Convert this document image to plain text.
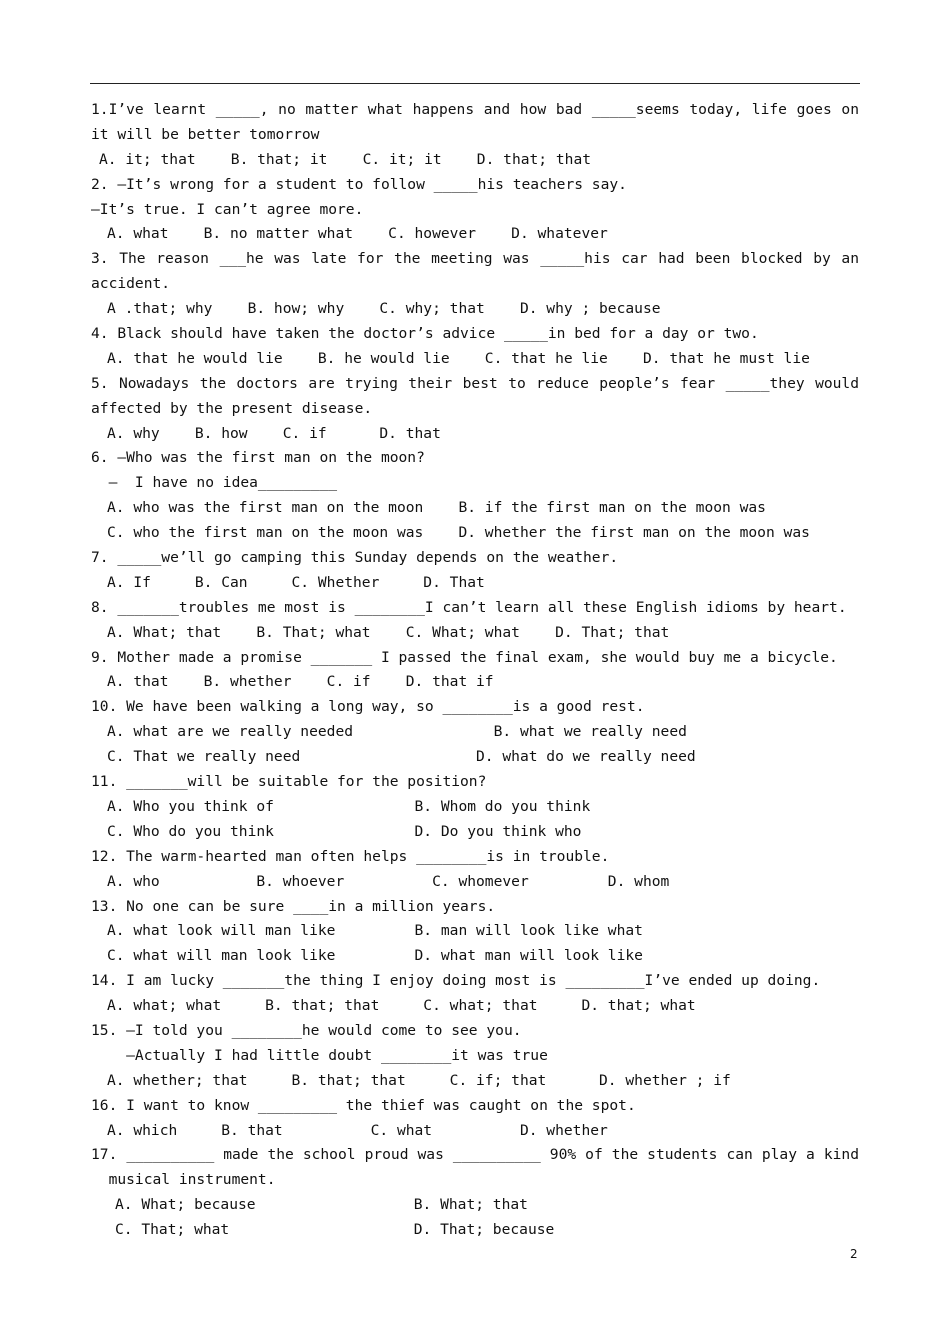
1.I’ve learnt _____, no matter what happens and how bad _____seems today, life goes on
it will be better tomorrow
A. it; that    B. that; it    C. it; it    D. that; that
2. —It’s wrong for a student to follow _____his teachers say.
—It’s true. I can’t agree more.
A. what    B. no matter what    C. however    D. whatever
3. The reason ___he was late for the meeting was _____his car had been blocked by an
accident.
A .that; why    B. how; why    C. why; that    D. why ; because
4. Black should have taken the doctor’s advice _____in bed for a day or two.
A. that he would lie    B. he would lie    C. that he lie    D. that he must lie
5. Nowadays the doctors are trying their best to reduce people’s fear _____they would
affected by the present disease.
A. why    B. how    C. if      D. that
6. —Who was the first man on the moon?
—  I have no idea_________
A. who was the first man on the moon    B. if the first man on the moon was
C. who the first man on the moon was    D. whether the first man on the moon was
7. _____we’ll go camping this Sunday depends on the weather.
A. If     B. Can     C. Whether     D. That
8. _______troubles me most is ________I can’t learn all these English idioms by heart.
A. What; that    B. That; what    C. What; what    D. That; that
9. Mother made a promise _______ I passed the final exam, she would buy me a bicycle.
A. that    B. whether    C. if    D. that if
10. We have been walking a long way, so ________is a good rest.
A. what are we really needed                B. what we really need
C. That we really need                    D. what do we really need
11. _______will be suitable for the position?
A. Who you think of                B. Whom do you think
C. Who do you think                D. Do you think who
12. The warm-hearted man often helps ________is in trouble.
A. who           B. whoever          C. whomever         D. whom
13. No one can be sure ____in a million years.
A. what look will man like         B. man will look like what
C. what will man look like         D. what man will look like
14. I am lucky _______the thing I enjoy doing most is _________I’ve ended up doing.
A. what; what     B. that; that     C. what; that     D. that; what
15. —I told you ________he would come to see you.
—Actually I had little doubt ________it was true
A. whether; that     B. that; that     C. if; that      D. whether ; if
16. I want to know _________ the thief was caught on the spot.
A. which     B. that          C. what          D. whether
17. __________ made the school proud was __________ 90% of the students can play a kind
musical instrument.
A. What; because                  B. What; that
C. That; what                     D. That; because
2
